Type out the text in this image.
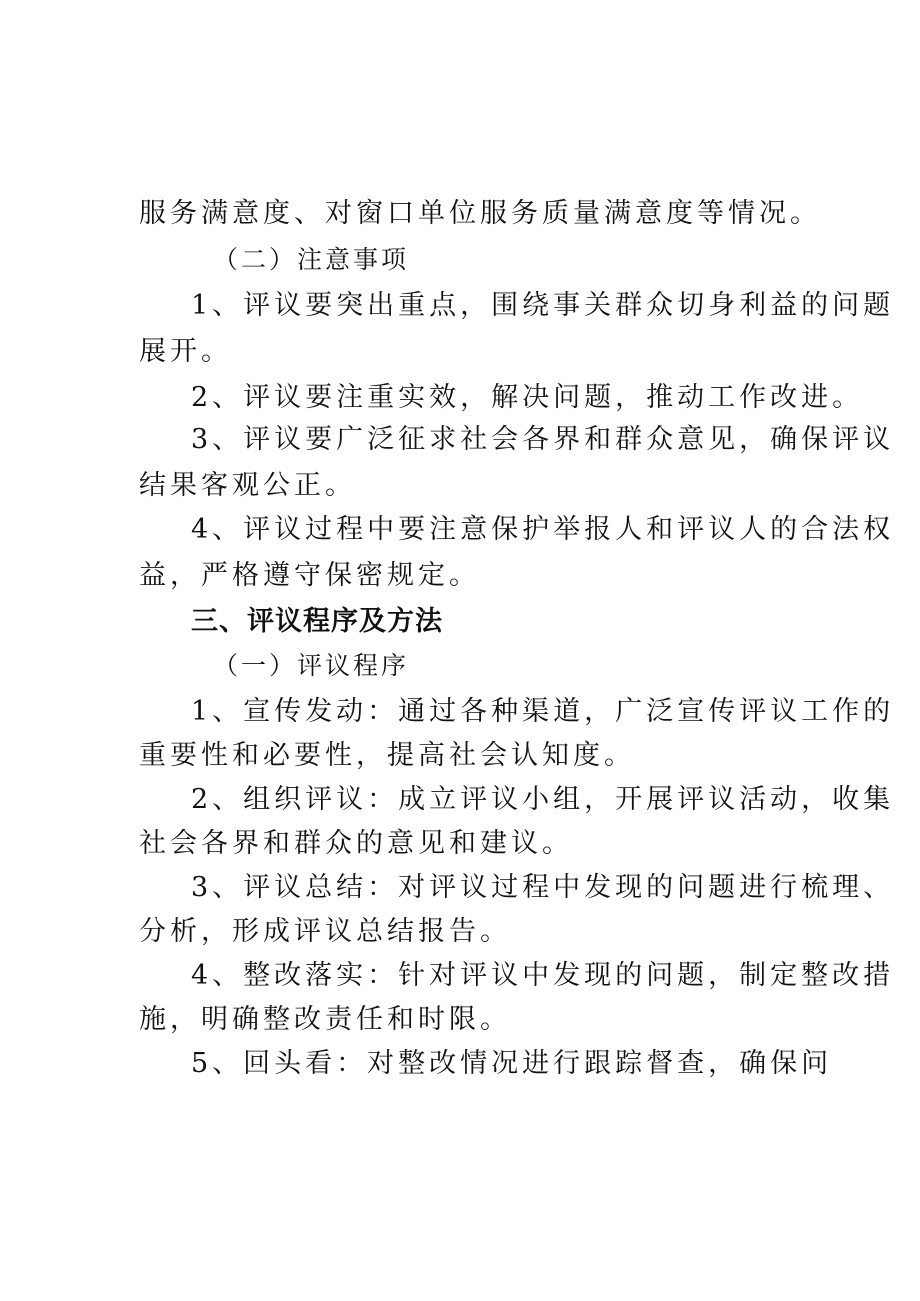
服务满意度、对窗口单位服务质量满意度等情况。
（二）注意事项
1、评议要突出重点，围绕事关群众切身利益的问题
展开。
2、评议要注重实效，解决问题，推动工作改进。
3、评议要广泛征求社会各界和群众意见，确保评议
结果客观公正。
4、评议过程中要注意保护举报人和评议人的合法权
益，严格遵守保密规定。
三、评议程序及方法
（一）评议程序
1、宣传发动：通过各种渠道，广泛宣传评议工作的
重要性和必要性，提高社会认知度。
2、组织评议：成立评议小组，开展评议活动，收集
社会各界和群众的意见和建议。
3、评议总结：对评议过程中发现的问题进行梳理、
分析，形成评议总结报告。
4、整改落实：针对评议中发现的问题，制定整改措
施，明确整改责任和时限。
5、回头看：对整改情况进行跟踪督查，确保问
